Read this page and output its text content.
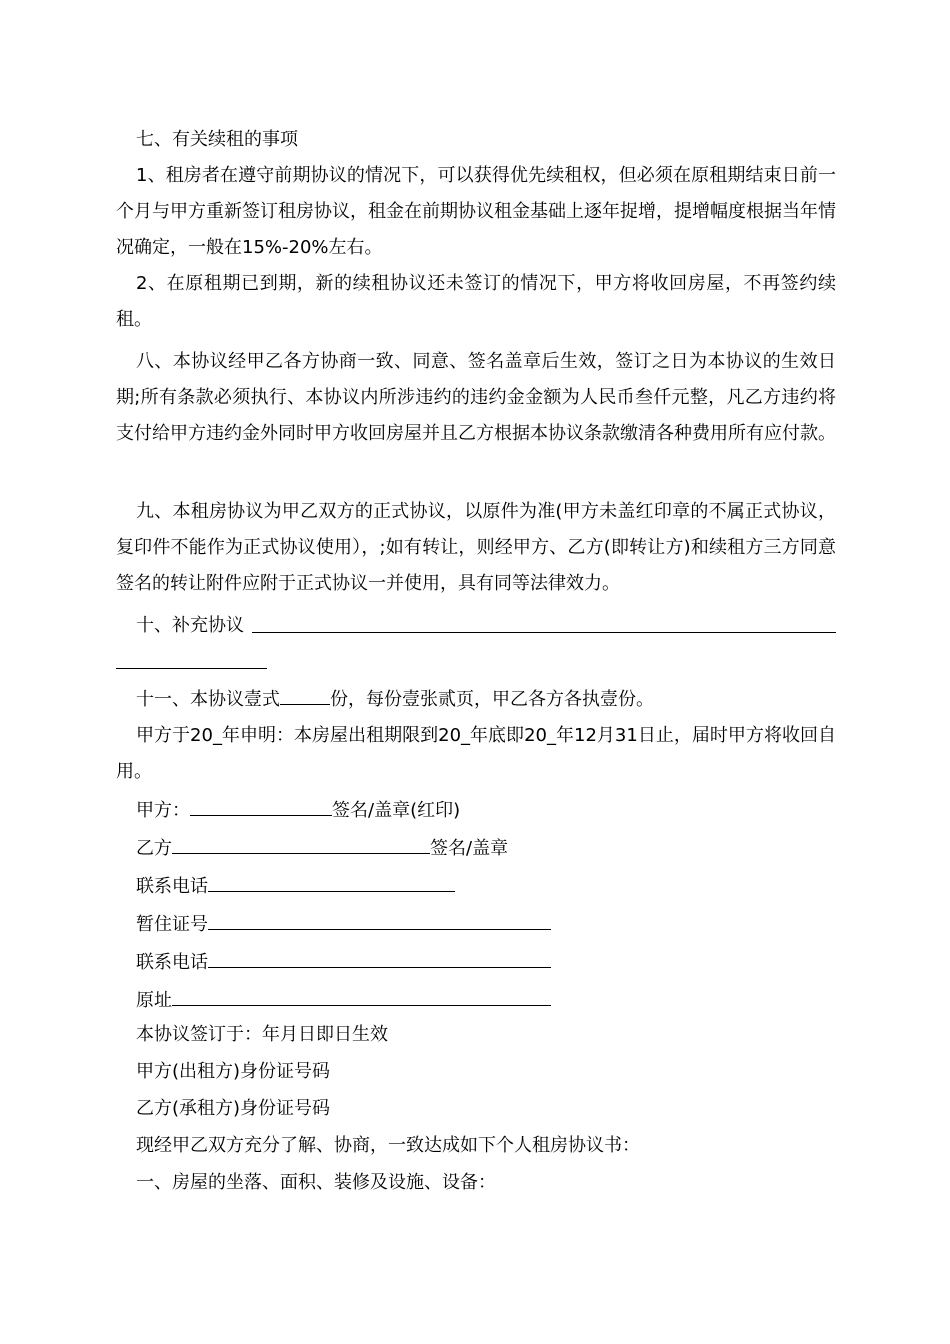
七、有关续租的事项

1、租房者在遵守前期协议的情况下，可以获得优先续租权，但必须在原租期结束日前一个月与甲方重新签订租房协议，租金在前期协议租金基础上逐年捉增，提增幅度根据当年情况确定，一般在15%-20%左右。

2、在原租期已到期，新的续租协议还未签订的情况下，甲方将收回房屋，不再签约续租。

八、本协议经甲乙各方协商一致、同意、签名盖章后生效，签订之日为本协议的生效日期;所有条款必须执行、本协议内所涉违约的违约金金额为人民币叁仟元整，凡乙方违约将支付给甲方违约金外同时甲方收回房屋并且乙方根据本协议条款缴清各种费用所有应付款。

九、本租房协议为甲乙双方的正式协议，以原件为准(甲方未盖红印章的不属正式协议，复印件不能作为正式协议使用），;如有转让，则经甲方、乙方(即转让方)和续租方三方同意签名的转让附件应附于正式协议一并使用，具有同等法律效力。

十、补充协议

十一、本协议壹式	份，每份壹张贰页，甲乙各方各执壹份。

甲方于20_年申明：本房屋出租期限到20_年底即20_年12月31日止，届时甲方将收回自用。

甲方：	签名/盖章(红印)

乙方	签名/盖章

联系电话

暂住证号

联系电话

原址

本协议签订于：年月日即日生效

甲方(出租方)身份证号码

乙方(承租方)身份证号码

现经甲乙双方充分了解、协商，一致达成如下个人租房协议书：

一、房屋的坐落、面积、装修及设施、设备：
